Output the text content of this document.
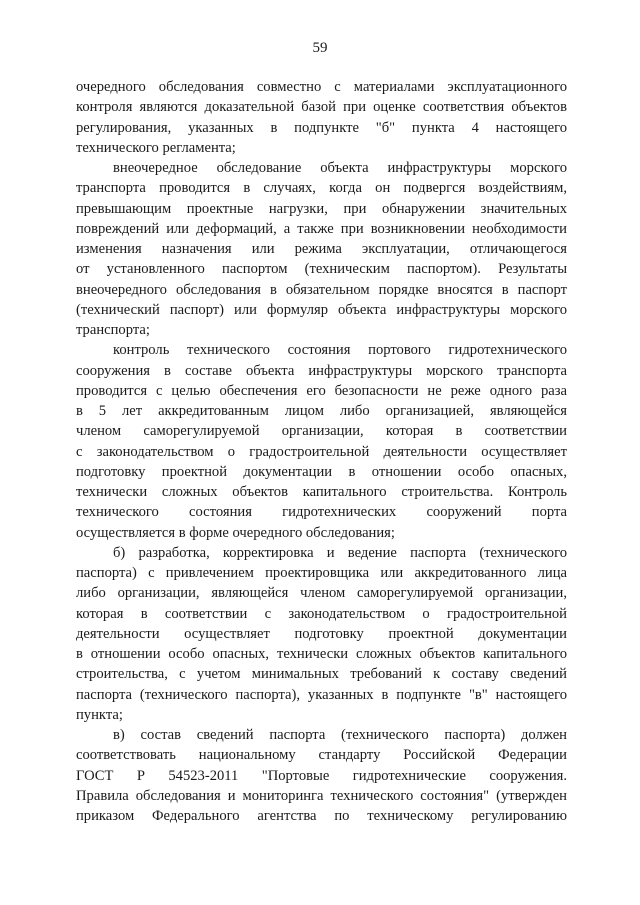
59
очередного обследования совместно с материалами эксплуатационного
контроля являются доказательной базой при оценке соответствия объектов
регулирования, указанных в подпункте "б" пункта 4 настоящего
технического регламента;
внеочередное обследование объекта инфраструктуры морского
транспорта проводится в случаях, когда он подвергся воздействиям,
превышающим проектные нагрузки, при обнаружении значительных
повреждений или деформаций, а также при возникновении необходимости
изменения назначения или режима эксплуатации, отличающегося
от установленного паспортом (техническим паспортом). Результаты
внеочередного обследования в обязательном порядке вносятся в паспорт
(технический паспорт) или формуляр объекта инфраструктуры морского
транспорта;
контроль технического состояния портового гидротехнического
сооружения в составе объекта инфраструктуры морского транспорта
проводится с целью обеспечения его безопасности не реже одного раза
в 5 лет аккредитованным лицом либо организацией, являющейся
членом саморегулируемой организации, которая в соответствии
с законодательством о градостроительной деятельности осуществляет
подготовку проектной документации в отношении особо опасных,
технически сложных объектов капитального строительства. Контроль
технического состояния гидротехнических сооружений порта
осуществляется в форме очередного обследования;
б) разработка, корректировка и ведение паспорта (технического
паспорта) с привлечением проектировщика или аккредитованного лица
либо организации, являющейся членом саморегулируемой организации,
которая в соответствии с законодательством о градостроительной
деятельности осуществляет подготовку проектной документации
в отношении особо опасных, технически сложных объектов капитального
строительства, с учетом минимальных требований к составу сведений
паспорта (технического паспорта), указанных в подпункте "в" настоящего
пункта;
в) состав сведений паспорта (технического паспорта) должен
соответствовать национальному стандарту Российской Федерации
ГОСТ Р 54523-2011 "Портовые гидротехнические сооружения.
Правила обследования и мониторинга технического состояния" (утвержден
приказом Федерального агентства по техническому регулированию
